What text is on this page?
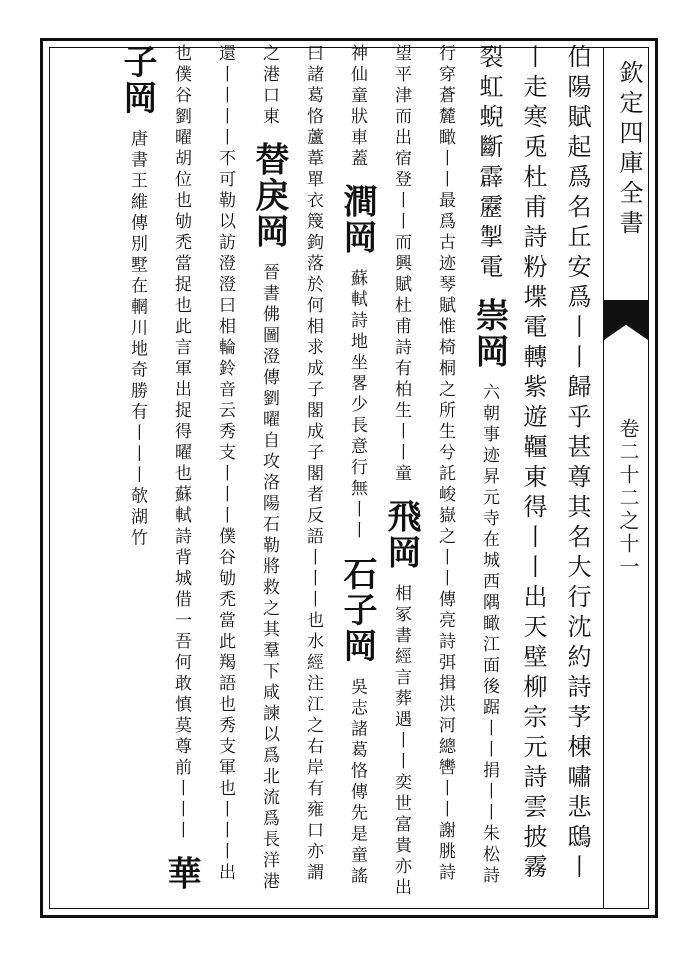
欽定四庫全書
卷二十二之十一
伯陽賦起爲名丘安爲丨丨歸乎甚尊其名大行沈約詩芧棟嘯悲鴟丨丨走寒兎杜甫詩粉堞電轉紫遊韁東得丨丨出天壁柳宗元詩雲披霧裂虹蜺斷霹靂掣電 崇岡 六朝事迹昇元寺在城西隅瞰江面後踞丨丨捐丨丨朱松詩行穿蒼麓瞰丨丨最爲古迹琴賦惟椅桐之所生兮託峻嶽之丨丨傳亮詩弭揖洪河總轡丨丨謝朓詩望平津而出宿登丨丨而興賦杜甫詩有柏生丨丨童 飛岡 相冢書經言葬遇丨丨奕世富貴亦出神仙童狀車蓋 澗岡 蘇軾詩地坐畧少長意行無丨丨 石子岡 吳志諸葛恪傳先是童謠曰諸葛恪蘆葦單衣篾鉤落於何相求成子閣成子閣者反語丨丨丨也水經注江之右岸有雍口亦謂之港口東 替戾岡 晉書佛圖澄傳劉曜自攻洛陽石勒將救之其羣下咸諫以爲北流爲長洋港還丨丨丨丨不可勒以訪澄澄曰相輪鈴音云秀支丨丨丨僕谷劬禿當此羯語也秀支軍也丨丨丨出也僕谷劉曜胡位也劬禿當捉也此言軍出捉得曜也蘇軾詩背城借一吾何敢慎莫尊前丨丨丨 華子岡 唐書王維傳別墅在輞川地奇勝有丨丨丨欹湖竹
